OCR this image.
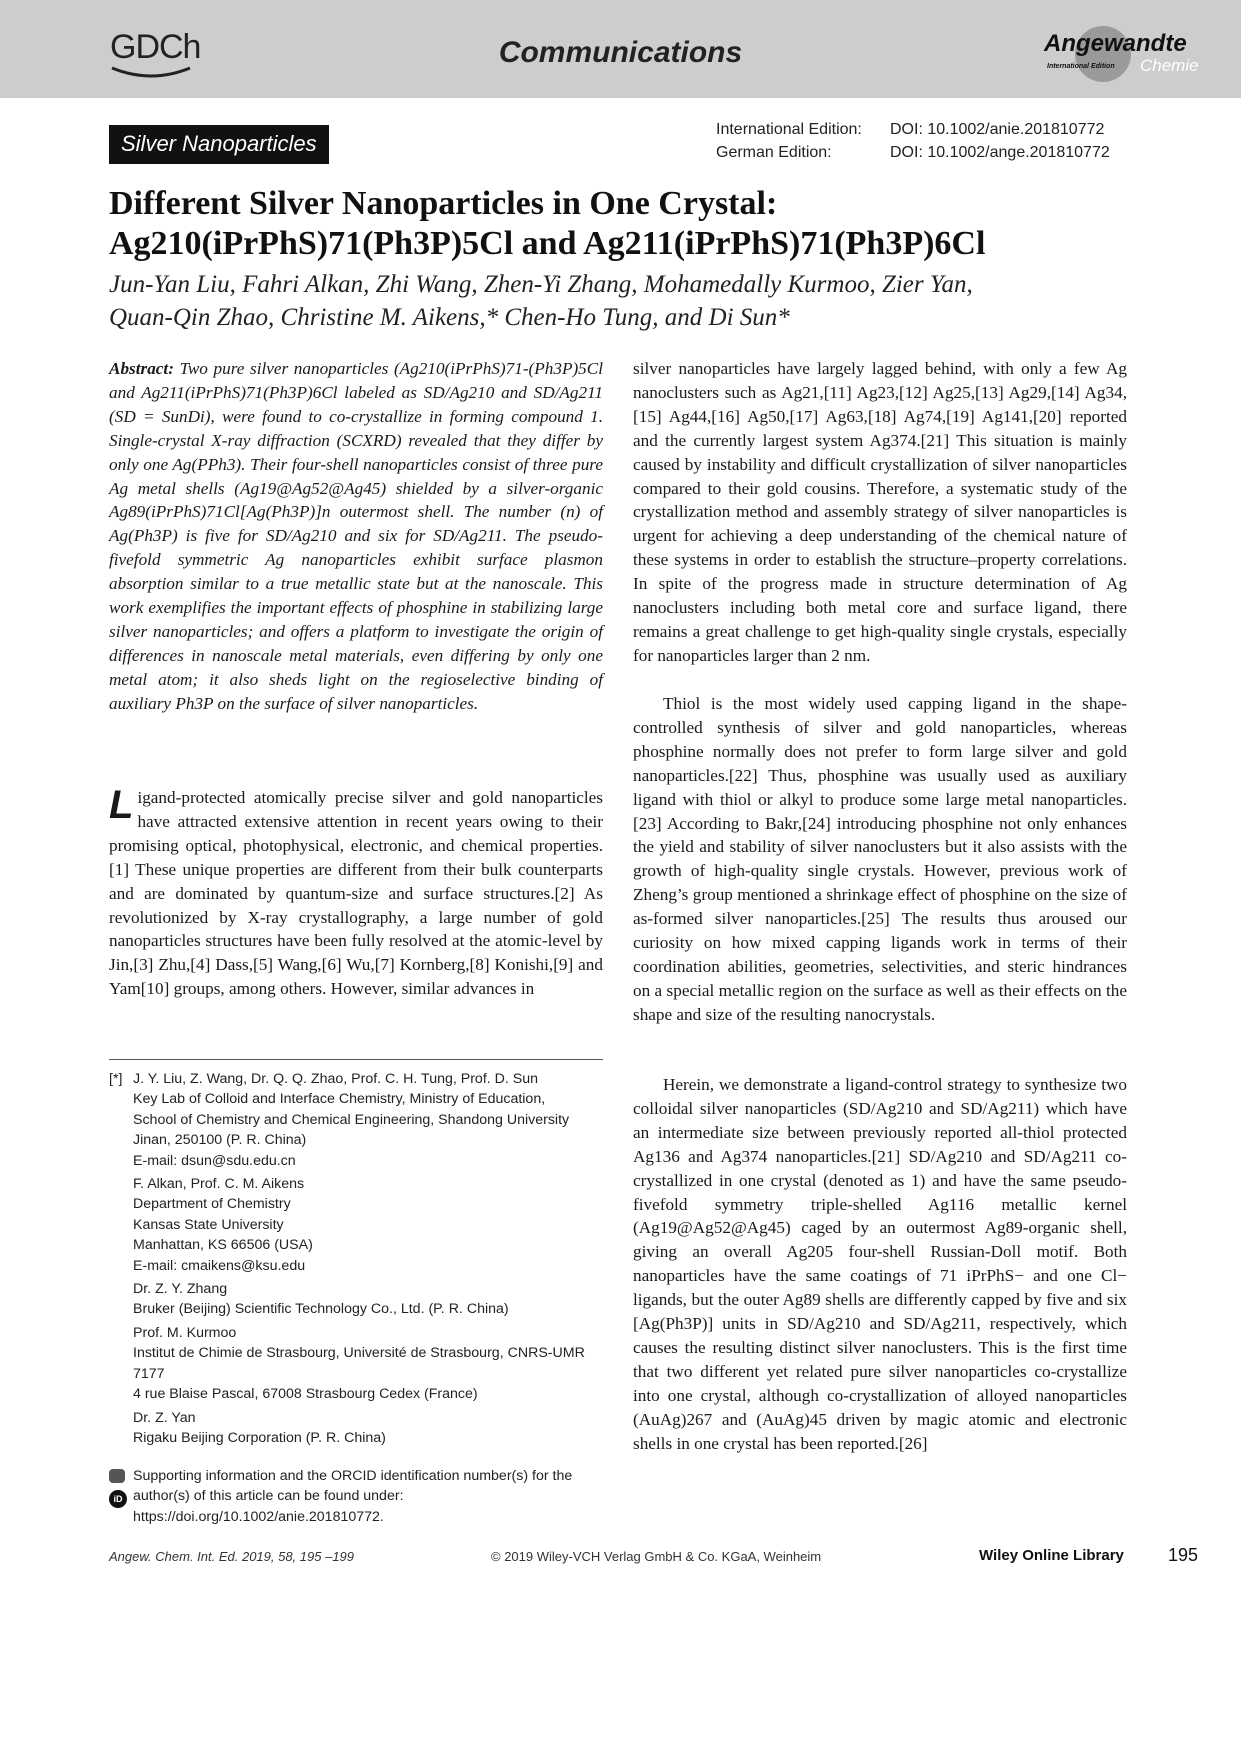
GDCh	Communications	Angewandte
International Edition Chemie
Silver Nanoparticles
International Edition: DOI: 10.1002/anie.201810772
German Edition:	DOI: 10.1002/ange.201810772
Different Silver Nanoparticles in One Crystal:
Ag210(iPrPhS)71(Ph3P)5Cl and Ag211(iPrPhS)71(Ph3P)6Cl
Jun-Yan Liu, Fahri Alkan, Zhi Wang, Zhen-Yi Zhang, Mohamedally Kurmoo, Zier Yan,
Quan-Qin Zhao, Christine M. Aikens,* Chen-Ho Tung, and Di Sun*
Abstract: Two pure silver nanoparticles (Ag210(iPrPhS)71-(Ph3P)5Cl and Ag211(iPrPhS)71(Ph3P)6Cl labeled as SD/Ag210 and SD/Ag211 (SD = SunDi), were found to co-crystallize in forming compound 1. Single-crystal X-ray diffraction (SCXRD) revealed that they differ by only one Ag(PPh3). Their four-shell nanoparticles consist of three pure Ag metal shells (Ag19@Ag52@Ag45) shielded by a silver-organic Ag89(iPrPhS)71Cl[Ag(Ph3P)]n outermost shell. The number (n) of Ag(Ph3P) is five for SD/Ag210 and six for SD/Ag211. The pseudo-fivefold symmetric Ag nanoparticles exhibit surface plasmon absorption similar to a true metallic state but at the nanoscale. This work exemplifies the important effects of phosphine in stabilizing large silver nanoparticles; and offers a platform to investigate the origin of differences in nanoscale metal materials, even differing by only one metal atom; it also sheds light on the regioselective binding of auxiliary Ph3P on the surface of silver nanoparticles.
Ligand-protected atomically precise silver and gold nanoparticles have attracted extensive attention in recent years owing to their promising optical, photophysical, electronic, and chemical properties.[1] These unique properties are different from their bulk counterparts and are dominated by quantum-size and surface structures.[2] As revolutionized by X-ray crystallography, a large number of gold nanoparticles structures have been fully resolved at the atomic-level by Jin,[3] Zhu,[4] Dass,[5] Wang,[6] Wu,[7] Kornberg,[8] Konishi,[9] and Yam[10] groups, among others. However, similar advances in
silver nanoparticles have largely lagged behind, with only a few Ag nanoclusters such as Ag21,[11] Ag23,[12] Ag25,[13] Ag29,[14] Ag34,[15] Ag44,[16] Ag50,[17] Ag63,[18] Ag74,[19] Ag141,[20] reported and the currently largest system Ag374.[21] This situation is mainly caused by instability and difficult crystallization of silver nanoparticles compared to their gold cousins. Therefore, a systematic study of the crystallization method and assembly strategy of silver nanoparticles is urgent for achieving a deep understanding of the chemical nature of these systems in order to establish the structure–property correlations. In spite of the progress made in structure determination of Ag nanoclusters including both metal core and surface ligand, there remains a great challenge to get high-quality single crystals, especially for nanoparticles larger than 2 nm.
Thiol is the most widely used capping ligand in the shape-controlled synthesis of silver and gold nanoparticles, whereas phosphine normally does not prefer to form large silver and gold nanoparticles.[22] Thus, phosphine was usually used as auxiliary ligand with thiol or alkyl to produce some large metal nanoparticles.[23] According to Bakr,[24] introducing phosphine not only enhances the yield and stability of silver nanoclusters but it also assists with the growth of high-quality single crystals. However, previous work of Zheng’s group mentioned a shrinkage effect of phosphine on the size of as-formed silver nanoparticles.[25] The results thus aroused our curiosity on how mixed capping ligands work in terms of their coordination abilities, geometries, selectivities, and steric hindrances on a special metallic region on the surface as well as their effects on the shape and size of the resulting nanocrystals.
Herein, we demonstrate a ligand-control strategy to synthesize two colloidal silver nanoparticles (SD/Ag210 and SD/Ag211) which have an intermediate size between previously reported all-thiol protected Ag136 and Ag374 nanoparticles.[21] SD/Ag210 and SD/Ag211 co-crystallized in one crystal (denoted as 1) and have the same pseudo-fivefold symmetry triple-shelled Ag116 metallic kernel (Ag19@Ag52@Ag45) caged by an outermost Ag89-organic shell, giving an overall Ag205 four-shell Russian-Doll motif. Both nanoparticles have the same coatings of 71 iPrPhS− and one Cl− ligands, but the outer Ag89 shells are differently capped by five and six [Ag(Ph3P)] units in SD/Ag210 and SD/Ag211, respectively, which causes the resulting distinct silver nanoclusters. This is the first time that two different yet related pure silver nanoparticles co-crystallize into one crystal, although co-crystallization of alloyed nanoparticles (AuAg)267 and (AuAg)45 driven by magic atomic and electronic shells in one crystal has been reported.[26]
[*] J. Y. Liu, Z. Wang, Dr. Q. Q. Zhao, Prof. C. H. Tung, Prof. D. Sun
Key Lab of Colloid and Interface Chemistry, Ministry of Education,
School of Chemistry and Chemical Engineering, Shandong University
Jinan, 250100 (P. R. China)
E-mail: dsun@sdu.edu.cn
F. Alkan, Prof. C. M. Aikens
Department of Chemistry
Kansas State University
Manhattan, KS 66506 (USA)
E-mail: cmaikens@ksu.edu
Dr. Z. Y. Zhang
Bruker (Beijing) Scientific Technology Co., Ltd. (P. R. China)
Prof. M. Kurmoo
Institut de Chimie de Strasbourg, Université de Strasbourg, CNRS-UMR 7177
4 rue Blaise Pascal, 67008 Strasbourg Cedex (France)
Dr. Z. Yan
Rigaku Beijing Corporation (P. R. China)
iD
Supporting information and the ORCID identification number(s) for the author(s) of this article can be found under: https://doi.org/10.1002/anie.201810772.
Angew. Chem. Int. Ed. 2019, 58, 195 –199	© 2019 Wiley-VCH Verlag GmbH & Co. KGaA, Weinheim	Wiley Online Library 195
